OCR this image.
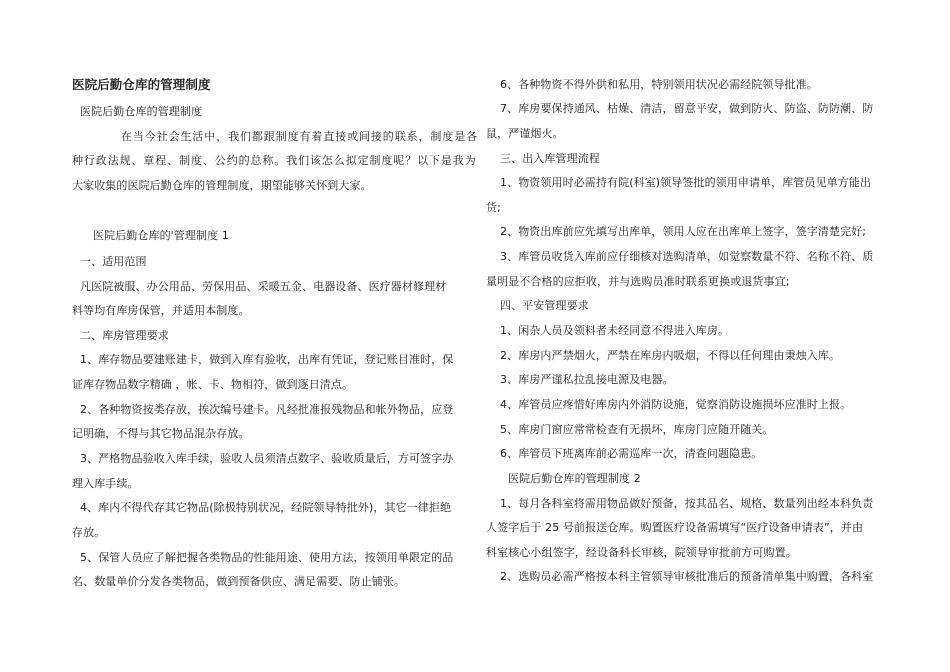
医院后勤仓库的管理制度
医院后勤仓库的管理制度
在当今社会生活中，我们都跟制度有着直接或间接的联系，制度是各
种行政法规、章程、制度、公约的总称。我们该怎么拟定制度呢？以下是我为
大家收集的医院后勤仓库的管理制度，期望能够关怀到大家。
医院后勤仓库的'管理制度 1
一、适用范围
凡医院被服、办公用品、劳保用品、采暖五金、电器设备、医疗器材修理材
料等均有库房保管，并适用本制度。
二、库房管理要求
1、库存物品要建账建卡，做到入库有验收，出库有凭证，登记账目准时，保
证库存物品数字精确 ，帐、卡、物相符，做到逐日清点。
2、各种物资按类存放，挨次编号建卡。凡经批准报残物品和帐外物品，应登
记明确，不得与其它物品混杂存放。
3、严格物品验收入库手续，验收人员须清点数字、验收质量后，方可签字办
理入库手续。
4、库内不得代存其它物品(除极特别状况，经院领导特批外)，其它一律拒绝
存放。
5、保管人员应了解把握各类物品的性能用途、使用方法，按领用单限定的品
名、数量单价分发各类物品，做到预备供应、满足需要、防止铺张。
6、各种物资不得外供和私用，特别领用状况必需经院领导批准。
7、库房要保持通风、枯燥、清洁，留意平安，做到防火、防盗、防防潮、防
鼠，严谨烟火。
三、出入库管理流程
1、物资领用时必需持有院(科室)领导签批的领用申请单，库管员见单方能出
货;
2、物资出库前应先填写出库单，领用人应在出库单上签字，签字清楚完好;
3、库管员收货入库前应仔细核对选购清单，如觉察数量不符、名称不符、质
量明显不合格的应拒收，并与选购员准时联系更换或退货事宜;
四、平安管理要求
1、闲杂人员及领料者未经同意不得进入库房。
2、库房内严禁烟火，严禁在库房内吸烟，不得以任何理由秉烛入库。
3、库房严谨私拉乱接电源及电器。
4、库管员应疼惜好库房内外消防设施，觉察消防设施损坏应准时上报。
5、库房门窗应常常检查有无损坏，库房门应随开随关。
6、库管员下班离库前必需巡库一次，清查问题隐患。
医院后勤仓库的管理制度 2
1、每月各科室将需用物品做好预备，按其品名、规格、数量列出经本科负责
人签字后于 25 号前报送仓库。购置医疗设备需填写“医疗设备申请表”，并由
科室核心小组签字，经设备科长审核，院领导审批前方可购置。
2、选购员必需严格按本科主管领导审核批准后的预备清单集中购置，各科室
